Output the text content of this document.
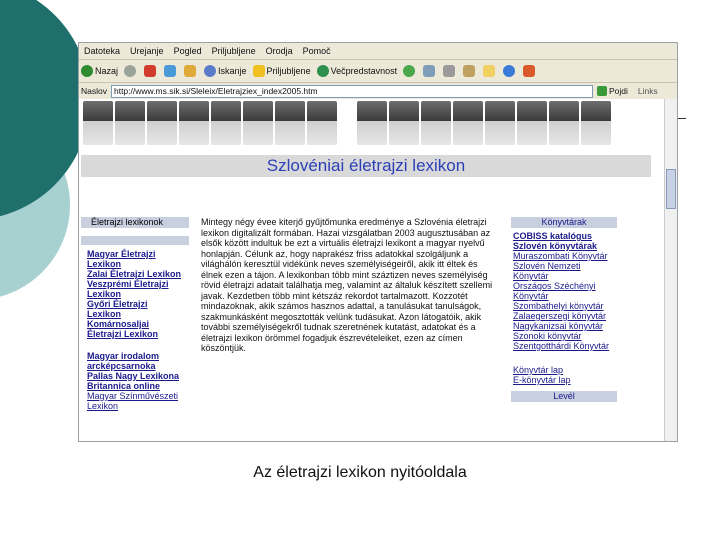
Datoteka	Urejanje	Pogled	Priljubljene	Orodja	Pomoč
Nazaj	Iskanje Priljubljene Večpredstavnost
Naslov http://www.ms.sik.si/Sleleix/Eletrajziex_index2005.htm	Pojdi Links
Szlovéniai életrajzi lexikon
Életrajzi lexikonok
Magyar Életrajzi
Lexikon
Zalai Életrajzi Lexikon
Veszprémi Életrajzi
Lexikon
Győri Életrajzi
Lexikon
Komárnosaljai
Életrajzi Lexikon
Magyar irodalom
arcképcsarnoka
Pallas Nagy Lexikona
Britannica online
Magyar Színművészeti
Lexikon
Mintegy négy évee kiterjő gyűjtőmunka eredménye a Szlovénia életrajzi lexikon digitalizált formában. Hazai vizsgálatban 2003 augusztusában az elsők között indultuk be ezt a virtuális életrajzi lexikont a magyar nyelvű honlapján. Célunk az, hogy naprakész friss adatokkal szolgáljunk a világhálón keresztül vidékünk neves személyiségeiről, akik itt éltek és élnek ezen a tájon. A lexikonban több mint száztizen neves személyiség rövid életrajzi adatait találhatja meg, valamint az általuk készített szellemi javak. Kezdetben több mint kétszáz rekordot tartalmazott. Kozzotét mindazoknak, akik számos hasznos adattal, a tanulásukat tanulságok, szakmunkásként megosztották velünk tudásukat. Azon látogatóik, akik további személyiségekről tudnak szeretnének kutatást, adatokat és a életrajzi lexikon örömmel fogadjuk észrevételeiket, ezen az címen köszöntjük.
Könyvtárak
COBISS katalógus
Szlovén könyvtárak
Muraszombati Könyvtár
Szlovén Nemzeti
Könyvtár
Országos Széchényi
Könyvtár
Szombathelyi könyvtár
Zalaegerszegi könyvtár
Nagykanizsai könyvtár
Szonoki könyvtár
Szentgotthárdi Könyvtár
Könyvtár lap
E-könyvtár lap
Levél
Az életrajzi lexikon nyitóoldala
